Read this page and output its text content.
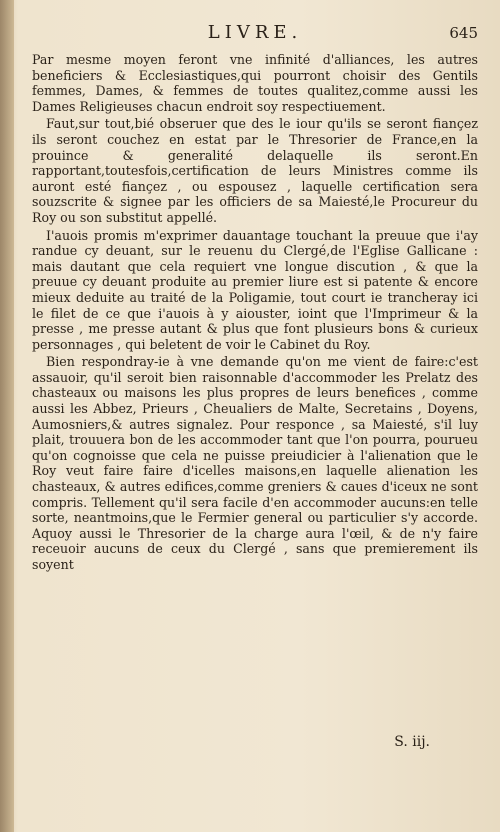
LIVRE.	645

Par mesme moyen feront vne infinité d'alliances, les autres beneficiers & Ecclesiastiques,qui pourront choisir des Gentils femmes, Dames, & femmes de toutes qualitez,comme aussi les Dames Religieuses chacun endroit soy respectiuement.

Faut,sur tout,bié obseruer que des le iour qu'ils se seront fiançez ils seront couchez en estat par le Thresorier de France,en la prouince & generalité delaquelle ils seront.En rapportant,toutesfois,certification de leurs Ministres comme ils auront esté fiançez , ou espousez , laquelle certification sera souzscrite & signee par les officiers de sa Maiesté,le Procureur du Roy ou son substitut appellé.

I'auois promis m'exprimer dauantage touchant la preuue que i'ay randue cy deuant, sur le reuenu du Clergé,de l'Eglise Gallicane : mais dautant que cela requiert vne longue discution , & que la preuue cy deuant produite au premier liure est si patente & encore mieux deduite au traité de la Poligamie, tout court ie trancheray ici le filet de ce que i'auois à y aiouster, ioint que l'Imprimeur & la presse , me presse autant & plus que font plusieurs bons & curieux personnages , qui beletent de voir le Cabinet du Roy.

Bien respondray-ie à vne demande qu'on me vient de faire:c'est assauoir, qu'il seroit bien raisonnable d'accommoder les Prelatz des chasteaux ou maisons les plus propres de leurs benefices , comme aussi les Abbez, Prieurs , Cheualiers de Malte, Secretains , Doyens, Aumosniers,& autres signalez. Pour responce , sa Maiesté, s'il luy plait, trouuera bon de les accommoder tant que l'on pourra, pourueu qu'on cognoisse que cela ne puisse preiudicier à l'alienation que le Roy veut faire faire d'icelles maisons,en laquelle alienation les chasteaux, & autres edifices,comme greniers & caues d'iceux ne sont compris. Tellement qu'il sera facile d'en accommoder aucuns:en telle sorte, neantmoins,que le Fermier general ou particulier s'y accorde. Aquoy aussi le Thresorier de la charge aura l'œil, & de n'y faire receuoir aucuns de ceux du Clergé , sans que premierement ils soyent

S. iij.
